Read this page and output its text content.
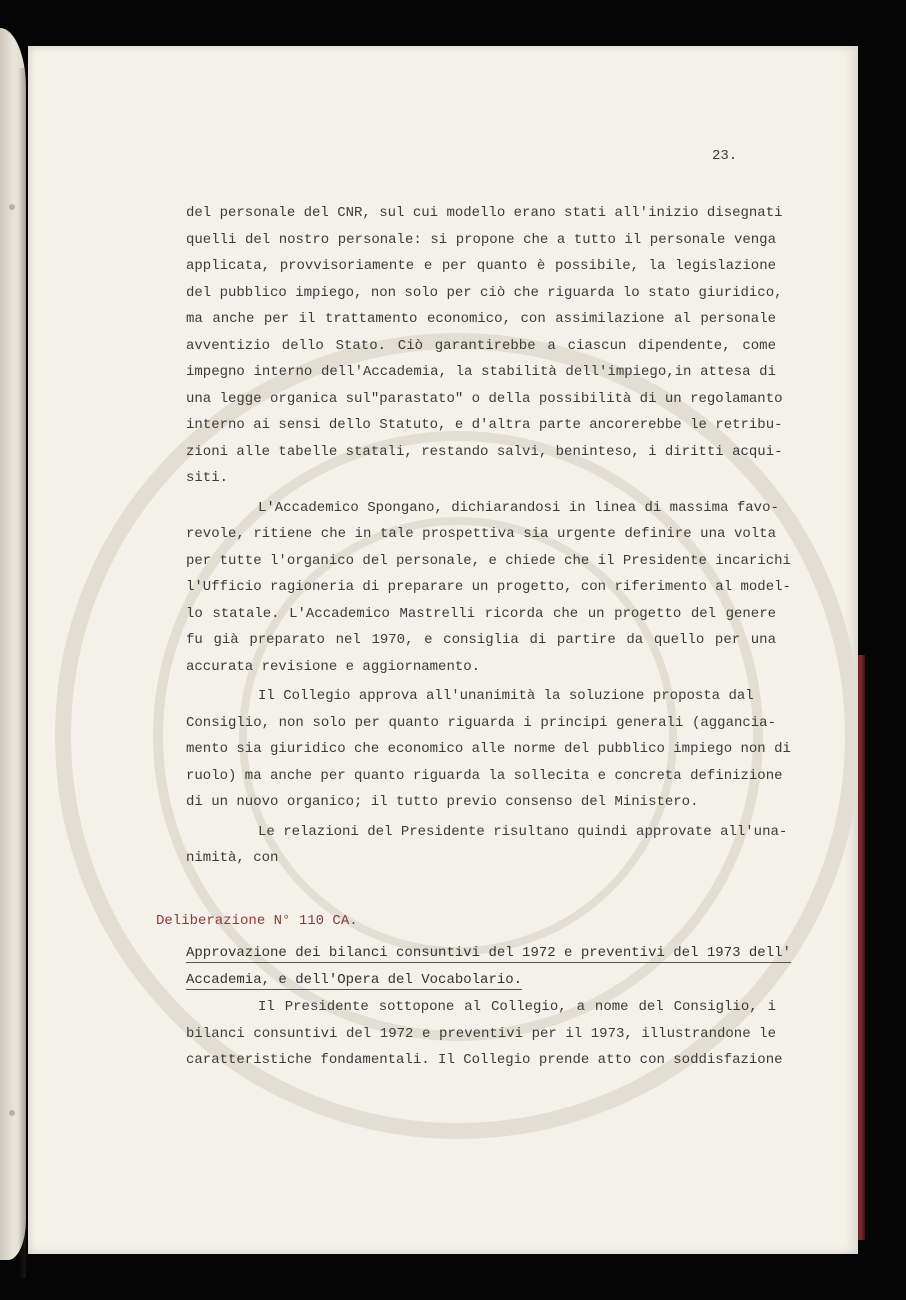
23.

del personale del CNR, sul cui modello erano stati all'inizio disegnati
quelli del nostro personale: si propone che a tutto il personale venga
applicata, provvisoriamente e per quanto è possibile, la legislazione
del pubblico impiego, non solo per ciò che riguarda lo stato giuridico,
ma anche per il trattamento economico, con assimilazione al personale
avventizio dello Stato. Ciò garantirebbe a ciascun dipendente, come
impegno interno dell'Accademia, la stabilità dell'impiego,in attesa di
una legge organica sul"parastato" o della possibilità di un regolamanto
interno ai sensi dello Statuto, e d'altra parte ancorerebbe le retribu-
zioni alle tabelle statali, restando salvi, beninteso, i diritti acqui-
siti.
L'Accademico Spongano, dichiarandosi in linea di massima favo-
revole, ritiene che in tale prospettiva sia urgente definire una volta
per tutte l'organico del personale, e chiede che il Presidente incarichi
l'Ufficio ragioneria di preparare un progetto, con riferimento al model-
lo statale. L'Accademico Mastrelli ricorda che un progetto del genere
fu già preparato nel 1970, e consiglia di partire da quello per una
accurata revisione e aggiornamento.
Il Collegio approva all'unanimità la soluzione proposta dal
Consiglio, non solo per quanto riguarda i principi generali (aggancia-
mento sia giuridico che economico alle norme del pubblico impiego non di
ruolo) ma anche per quanto riguarda la sollecita e concreta definizione
di un nuovo organico; il tutto previo consenso del Ministero.
Le relazioni del Presidente risultano quindi approvate all'una-
nimità, con

Deliberazione N° 110 CA.

Approvazione dei bilanci consuntivi del 1972 e preventivi del 1973 dell'
Accademia, e dell'Opera del Vocabolario.
Il Presidente sottopone al Collegio, a nome del Consiglio, i
bilanci consuntivi del 1972 e preventivi per il 1973, illustrandone le
caratteristiche fondamentali. Il Collegio prende atto con soddisfazione
